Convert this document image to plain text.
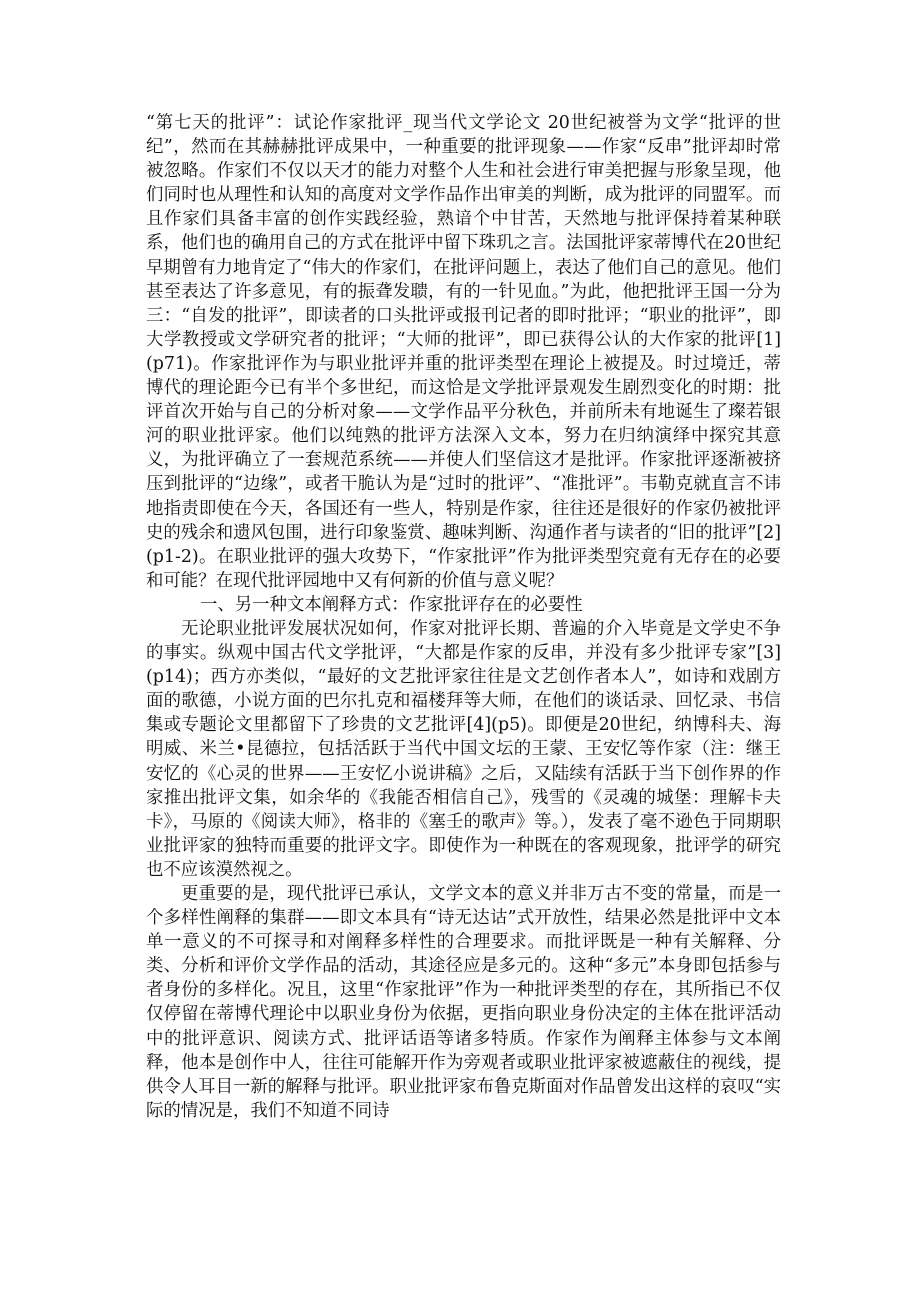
“第七天的批评”：试论作家批评_现当代文学论文 20世纪被誉为文学“批评的世纪”，然而在其赫赫批评成果中，一种重要的批评现象——作家“反串”批评却时常被忽略。作家们不仅以天才的能力对整个人生和社会进行审美把握与形象呈现，他们同时也从理性和认知的高度对文学作品作出审美的判断，成为批评的同盟军。而且作家们具备丰富的创作实践经验，熟谙个中甘苦，天然地与批评保持着某种联系，他们也的确用自己的方式在批评中留下珠玑之言。法国批评家蒂博代在20世纪早期曾有力地肯定了“伟大的作家们，在批评问题上，表达了他们自己的意见。他们甚至表达了许多意见，有的振聋发聩，有的一针见血。”为此，他把批评王国一分为三：“自发的批评”，即读者的口头批评或报刊记者的即时批评；“职业的批评”，即大学教授或文学研究者的批评；“大师的批评”，即已获得公认的大作家的批评[1](p71)。作家批评作为与职业批评并重的批评类型在理论上被提及。时过境迁，蒂博代的理论距今已有半个多世纪，而这恰是文学批评景观发生剧烈变化的时期：批评首次开始与自己的分析对象——文学作品平分秋色，并前所未有地诞生了璨若银河的职业批评家。他们以纯熟的批评方法深入文本，努力在归纳演绎中探究其意义，为批评确立了一套规范系统——并使人们坚信这才是批评。作家批评逐渐被挤压到批评的“边缘”，或者干脆认为是“过时的批评”、“准批评”。韦勒克就直言不讳地指责即使在今天，各国还有一些人，特别是作家，往往还是很好的作家仍被批评史的残余和遗风包围，进行印象鉴赏、趣味判断、沟通作者与读者的“旧的批评”[2](p1-2)。在职业批评的强大攻势下，“作家批评”作为批评类型究竟有无存在的必要和可能？在现代批评园地中又有何新的价值与意义呢？

一、另一种文本阐释方式：作家批评存在的必要性

无论职业批评发展状况如何，作家对批评长期、普遍的介入毕竟是文学史不争的事实。纵观中国古代文学批评，“大都是作家的反串，并没有多少批评专家”[3](p14)；西方亦类似，“最好的文艺批评家往往是文艺创作者本人”，如诗和戏剧方面的歌德，小说方面的巴尔扎克和福楼拜等大师，在他们的谈话录、回忆录、书信集或专题论文里都留下了珍贵的文艺批评[4](p5)。即便是20世纪，纳博科夫、海明威、米兰•昆德拉，包括活跃于当代中国文坛的王蒙、王安忆等作家（注：继王安忆的《心灵的世界——王安忆小说讲稿》之后，又陆续有活跃于当下创作界的作家推出批评文集，如余华的《我能否相信自己》，残雪的《灵魂的城堡：理解卡夫卡》，马原的《阅读大师》，格非的《塞壬的歌声》等。），发表了毫不逊色于同期职业批评家的独特而重要的批评文字。即使作为一种既在的客观现象，批评学的研究也不应该漠然视之。

更重要的是，现代批评已承认，文学文本的意义并非万古不变的常量，而是一个多样性阐释的集群——即文本具有“诗无达诂”式开放性，结果必然是批评中文本单一意义的不可探寻和对阐释多样性的合理要求。而批评既是一种有关解释、分类、分析和评价文学作品的活动，其途径应是多元的。这种“多元”本身即包括参与者身份的多样化。况且，这里“作家批评”作为一种批评类型的存在，其所指已不仅仅停留在蒂博代理论中以职业身份为依据，更指向职业身份决定的主体在批评活动中的批评意识、阅读方式、批评话语等诸多特质。作家作为阐释主体参与文本阐释，他本是创作中人，往往可能解开作为旁观者或职业批评家被遮蔽住的视线，提供令人耳目一新的解释与批评。职业批评家布鲁克斯面对作品曾发出这样的哀叹“实际的情况是，我们不知道不同诗
